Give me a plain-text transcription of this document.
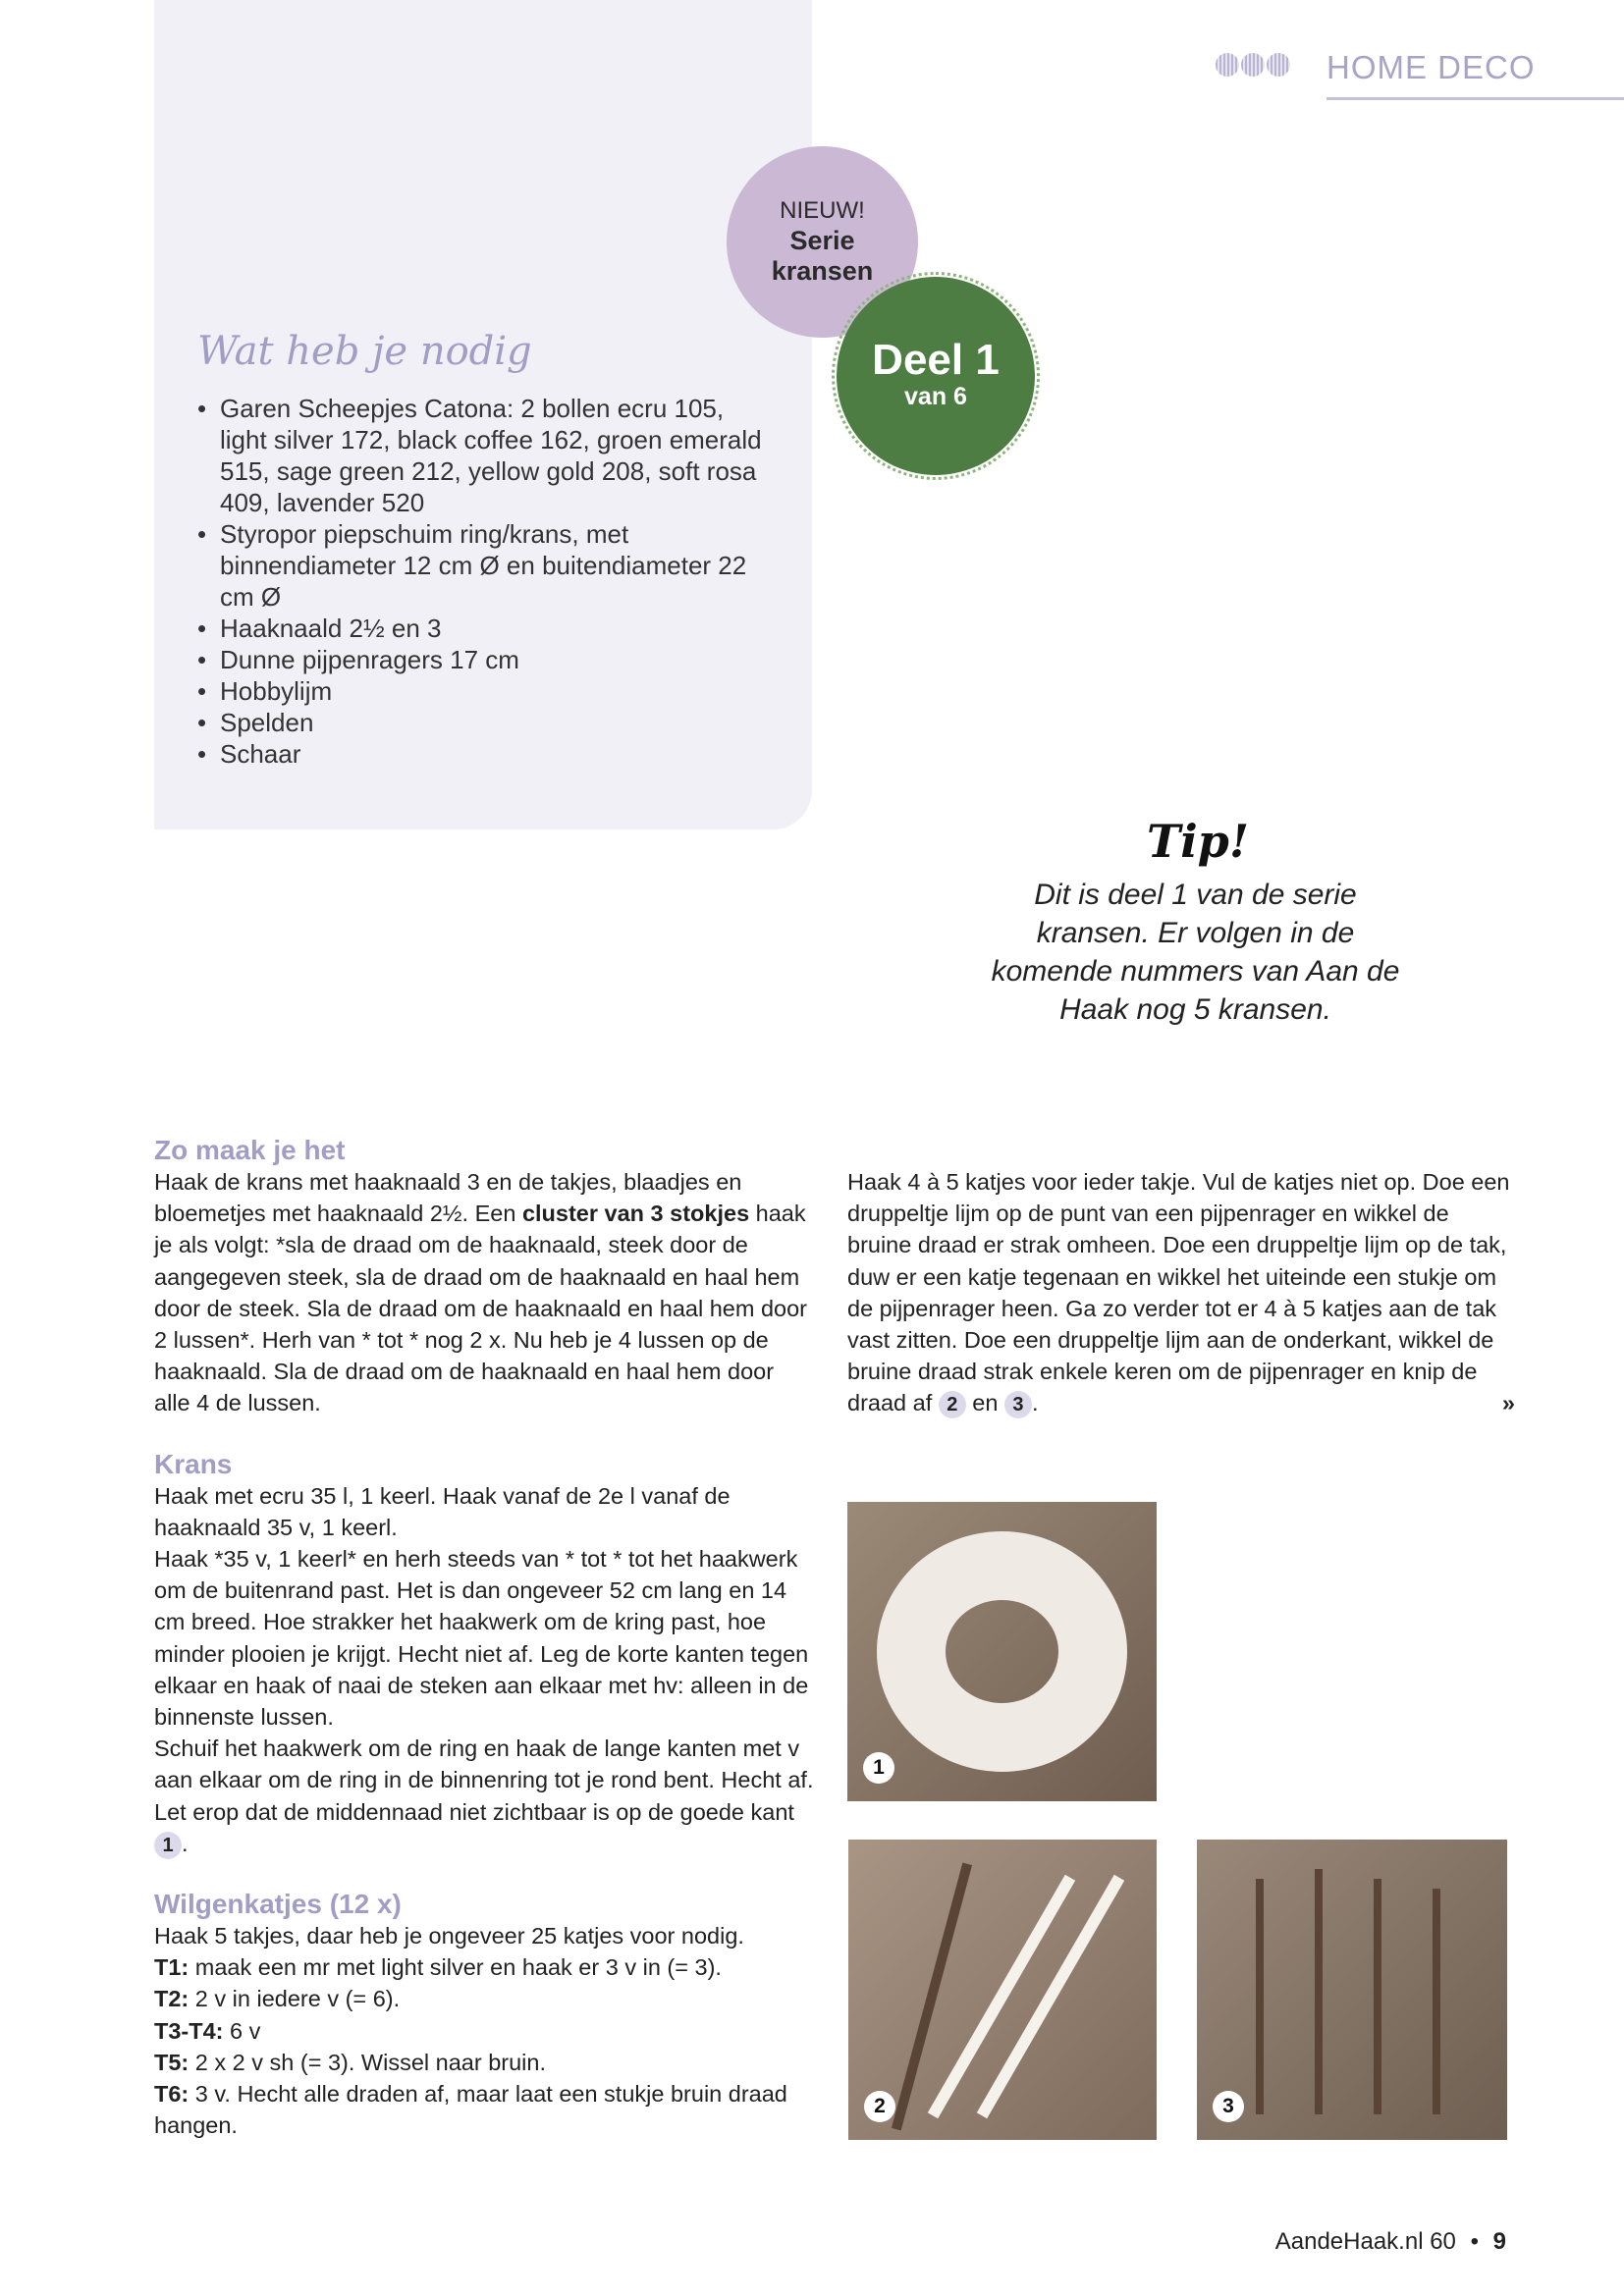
HOME DECO
NIEUW!
Serie
kransen
Deel 1
van 6
Wat heb je nodig
• Garen Scheepjes Catona: 2 bollen ecru 105, light silver 172, black coffee 162, groen emerald 515, sage green 212, yellow gold 208, soft rosa 409, lavender 520
• Styropor piepschuim ring/krans, met binnendiameter 12 cm Ø en buitendiameter 22 cm Ø
• Haaknaald 2½ en 3
• Dunne pijpenragers 17 cm
• Hobbylijm
• Spelden
• Schaar
Tip!
Dit is deel 1 van de serie kransen. Er volgen in de komende nummers van Aan de Haak nog 5 kransen.
Zo maak je het

Haak de krans met haaknaald 3 en de takjes, blaadjes en bloemetjes met haaknaald 2½. Een cluster van 3 stokjes haak je als volgt: *sla de draad om de haaknaald, steek door de aangegeven steek, sla de draad om de haaknaald en haal hem door de steek. Sla de draad om de haaknaald en haal hem door 2 lussen*. Herh van * tot * nog 2 x. Nu heb je 4 lussen op de haaknaald. Sla de draad om de haaknaald en haal hem door alle 4 de lussen.

Krans

Haak met ecru 35 l, 1 keerl. Haak vanaf de 2e l vanaf de haaknaald 35 v, 1 keerl.

Haak *35 v, 1 keerl* en herh steeds van * tot * tot het haakwerk om de buitenrand past. Het is dan ongeveer 52 cm lang en 14 cm breed. Hoe strakker het haakwerk om de kring past, hoe minder plooien je krijgt. Hecht niet af. Leg de korte kanten tegen elkaar en haak of naai de steken aan elkaar met hv: alleen in de binnenste lussen.

Schuif het haakwerk om de ring en haak de lange kanten met v aan elkaar om de ring in de binnenring tot je rond bent. Hecht af. Let erop dat de middennaad niet zichtbaar is op de goede kant 1 .

Wilgenkatjes (12 x)

Haak 5 takjes, daar heb je ongeveer 25 katjes voor nodig.

T1: maak een mr met light silver en haak er 3 v in (= 3).

T2: 2 v in iedere v (= 6).

T3-T4: 6 v

T5: 2 x 2 v sh (= 3). Wissel naar bruin.

T6: 3 v. Hecht alle draden af, maar laat een stukje bruin draad hangen.

Haak 4 à 5 katjes voor ieder takje. Vul de katjes niet op. Doe een druppeltje lijm op de punt van een pijpenrager en wikkel de bruine draad er strak omheen. Doe een druppeltje lijm op de tak, duw er een katje tegenaan en wikkel het uiteinde een stukje om de pijpenrager heen. Ga zo verder tot er 4 à 5 katjes aan de tak vast zitten. Doe een druppeltje lijm aan de onderkant, wikkel de bruine draad strak enkele keren om de pijpenrager en knip de draad af 2 en 3 .	»

1
2	3
AandeHaak.nl 60 • 9
